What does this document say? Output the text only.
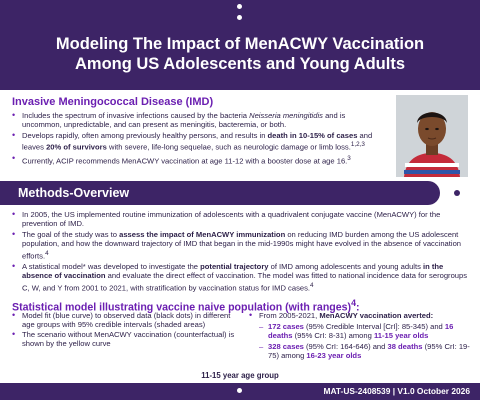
Modeling The Impact of MenACWY Vaccination
Among US Adolescents and Young Adults
Invasive Meningococcal Disease (IMD)
• Includes the spectrum of invasive infections caused by the bacteria Neisseria meningitidis and is uncommon, unpredictable, and can present as meningitis, bacteremia, or both.
• Develops rapidly, often among previously healthy persons, and results in death in 10-15% of cases and leaves 20% of survivors with severe, life-long sequelae, such as neurologic damage or limb loss.$^{1,2,3}$
• Currently, ACIP recommends MenACWY vaccination at age 11-12 with a booster dose at age 16.$^3$
Methods-Overview
• In 2005, the US implemented routine immunization of adolescents with a quadrivalent conjugate vaccine (MenACWY) for the prevention of IMD.
• The goal of the study was to assess the impact of MenACWY immunization on reducing IMD burden among the US adolescent population, and how the downward trajectory of IMD that began in the mid-1990s might have evolved in the absence of vaccination efforts.$^4$
• A statistical model* was developed to investigate the potential trajectory of IMD among adolescents and young adults in the absence of vaccination and evaluate the direct effect of vaccination. The model was fitted to national incidence data for serogroups C, W, and Y from 2001 to 2021, with stratification by vaccination status for IMD cases.$^4$
Statistical model illustrating vaccine naive population (with ranges)$^4$:
• Model fit (blue curve) to observed data (black dots) in different age groups with 95% credible intervals (shaded areas)
• The scenario without MenACWY vaccination (counterfactual) is shown by the yellow curve
• From 2005-2021, MenACWY vaccination averted:
– 172 cases (95% Credible Interval [CrI]: 85-345) and 16 deaths (95% CrI: 8-31) among 11-15 year olds
– 328 cases (95% CrI: 164-646) and 38 deaths (95% CrI: 19-75) among 16-23 year olds
11-15 year age group
MAT-US-2408539 | V1.0 October 2026
